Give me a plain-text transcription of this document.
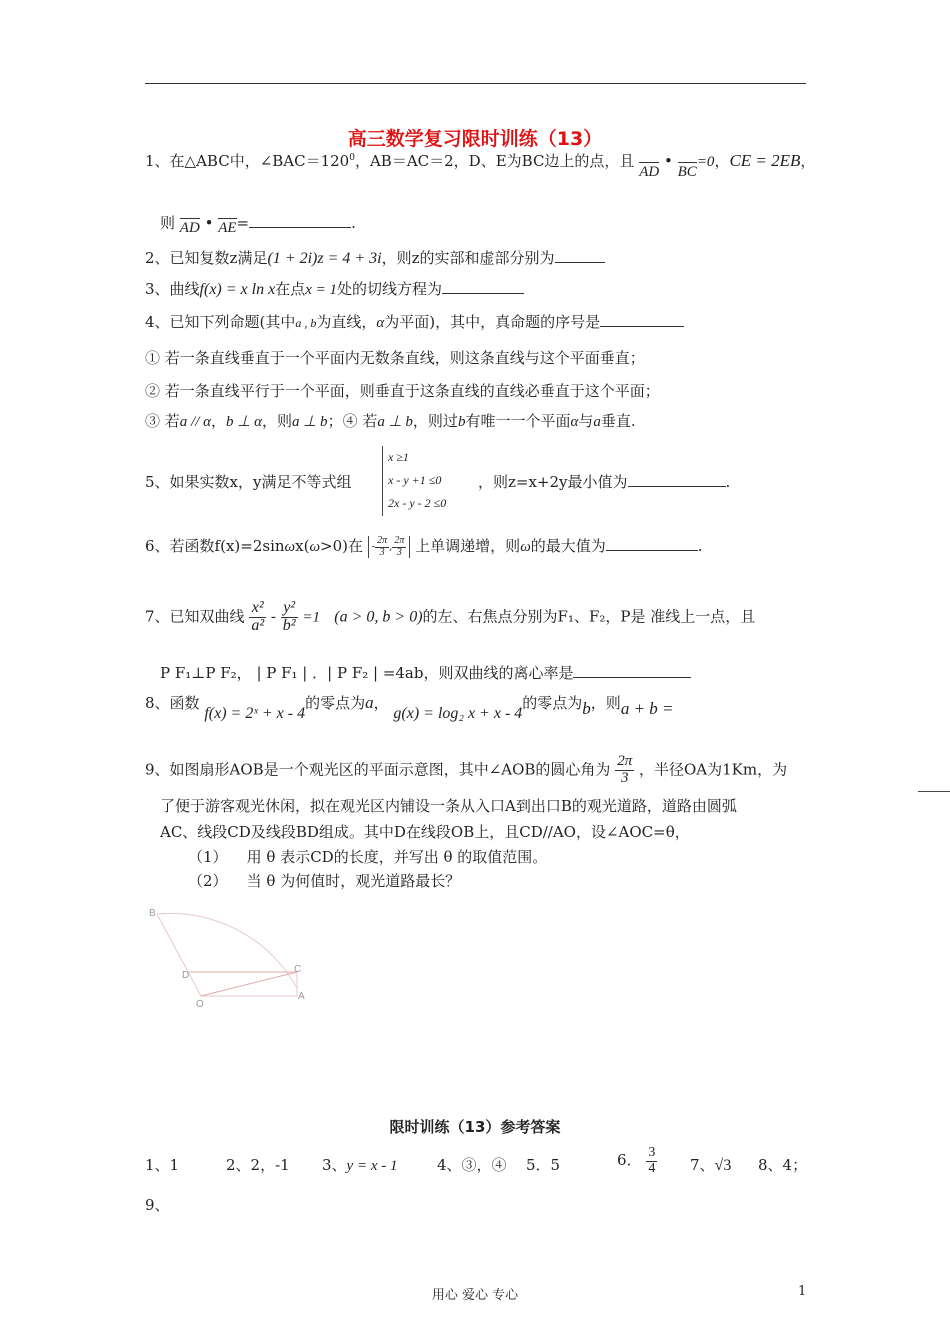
高三数学复习限时训练（13）
1、在△ABC中，$\angle BAC=120^0$，AB＝AC＝2，D、E为BC边上的点，且 AD • BC=0，CE = 2EB，
则 AD • AE=	.
2、已知复数z满足(1 + 2i)z = 4 + 3i，则z的实部和虚部分别为
3、曲线f(x) = x ln x在点x = 1处的切线方程为
4、已知下列命题(其中a , b为直线，α为平面)，其中，真命题的序号是
① 若一条直线垂直于一个平面内无数条直线，则这条直线与这个平面垂直；
② 若一条直线平行于一个平面，则垂直于这条直线的直线必垂直于这个平面；
③ 若a // α，b ⊥ α，则a ⊥ b；④ 若a ⊥ b，则过b有唯一一个平面α与a垂直.
5、如果实数x，y满足不等式组
x ≥1
x - y +1 ≤0
2x - y - 2 ≤0
，则z=x+2y最小值为	.
6、若函数f(x)=2sinωx(ω>0)在 - $\frac{2\pi}{3}$ , $\frac{2\pi}{3}$ 上单调递增，则ω的最大值为	.
7、已知双曲线 $\frac{\text{x²}}{\text{a²}} - \frac{\text{y²}}{\text{b²}} =1$ (a > 0, b > 0)的左、右焦点分别为F₁、F₂，P是 准线上一点，且
P F₁⊥P F₂， | P F₁ | ．| P F₂ | =4ab，则双曲线的离心率是
8、函数 f(x) = 2ˣ + x - 4的零点为a， g(x) = log₂ x + x - 4的零点为b，则a + b =
9、如图扇形AOB是一个观光区的平面示意图，其中∠AOB的圆心角为 $\frac{2\pi}{3}$ ，半径OA为1Km，为
了便于游客观光休闲，拟在观光区内铺设一条从入口A到出口B的观光道路，道路由圆弧
AC、线段CD及线段BD组成。其中D在线段OB上，且CD//AO，设∠AOC=θ，
（1） 用 θ 表示CD的长度，并写出 θ 的取值范围。
（2） 当 θ 为何值时，观光道路最长？
B
D
C
O
A
限时训练（13）参考答案
1、1	2、2，-1 3、y = x - 1	4、③，④ 5．5	6． $\frac{3}{4} 7$、√3 8、4；
9、
用心 爱心 专心	1
